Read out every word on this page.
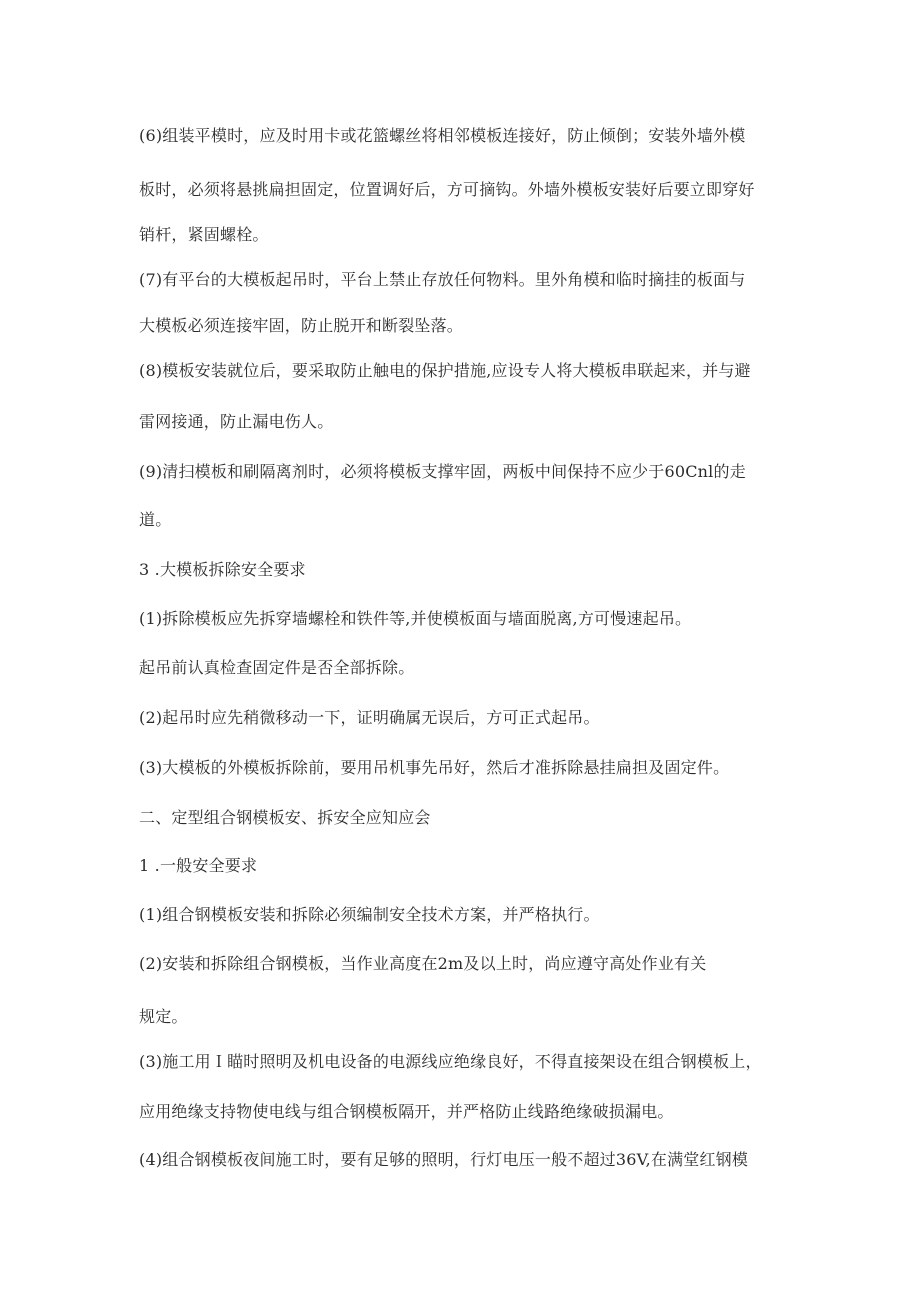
(6)组装平模时，应及时用卡或花篮螺丝将相邻模板连接好，防止倾倒；安装外墙外模

板时，必须将悬挑扁担固定，位置调好后，方可摘钩。外墙外模板安装好后要立即穿好

销杆，紧固螺栓。

(7)有平台的大模板起吊时，平台上禁止存放任何物料。里外角模和临时摘挂的板面与

大模板必须连接牢固，防止脱开和断裂坠落。

(8)模板安装就位后，要采取防止触电的保护措施,应设专人将大模板串联起来，并与避

雷网接通，防止漏电伤人。

(9)清扫模板和刷隔离剂时，必须将模板支撑牢固，两板中间保持不应少于60Cnl的走

道。

3 .大模板拆除安全要求

(1)拆除模板应先拆穿墙螺栓和铁件等,并使模板面与墙面脱离,方可慢速起吊。

起吊前认真检查固定件是否全部拆除。

(2)起吊时应先稍微移动一下，证明确属无误后，方可正式起吊。

(3)大模板的外模板拆除前，要用吊机事先吊好，然后才准拆除悬挂扁担及固定件。

二、定型组合钢模板安、拆安全应知应会

1 .一般安全要求

(1)组合钢模板安装和拆除必须编制安全技术方案，并严格执行。

(2)安装和拆除组合钢模板，当作业高度在2m及以上时，尚应遵守高处作业有关

规定。

(3)施工用Ｉ瞄时照明及机电设备的电源线应绝缘良好，不得直接架设在组合钢模板上，

应用绝缘支持物使电线与组合钢模板隔开，并严格防止线路绝缘破损漏电。

(4)组合钢模板夜间施工时，要有足够的照明，行灯电压一般不超过36V,在满堂红钢模
